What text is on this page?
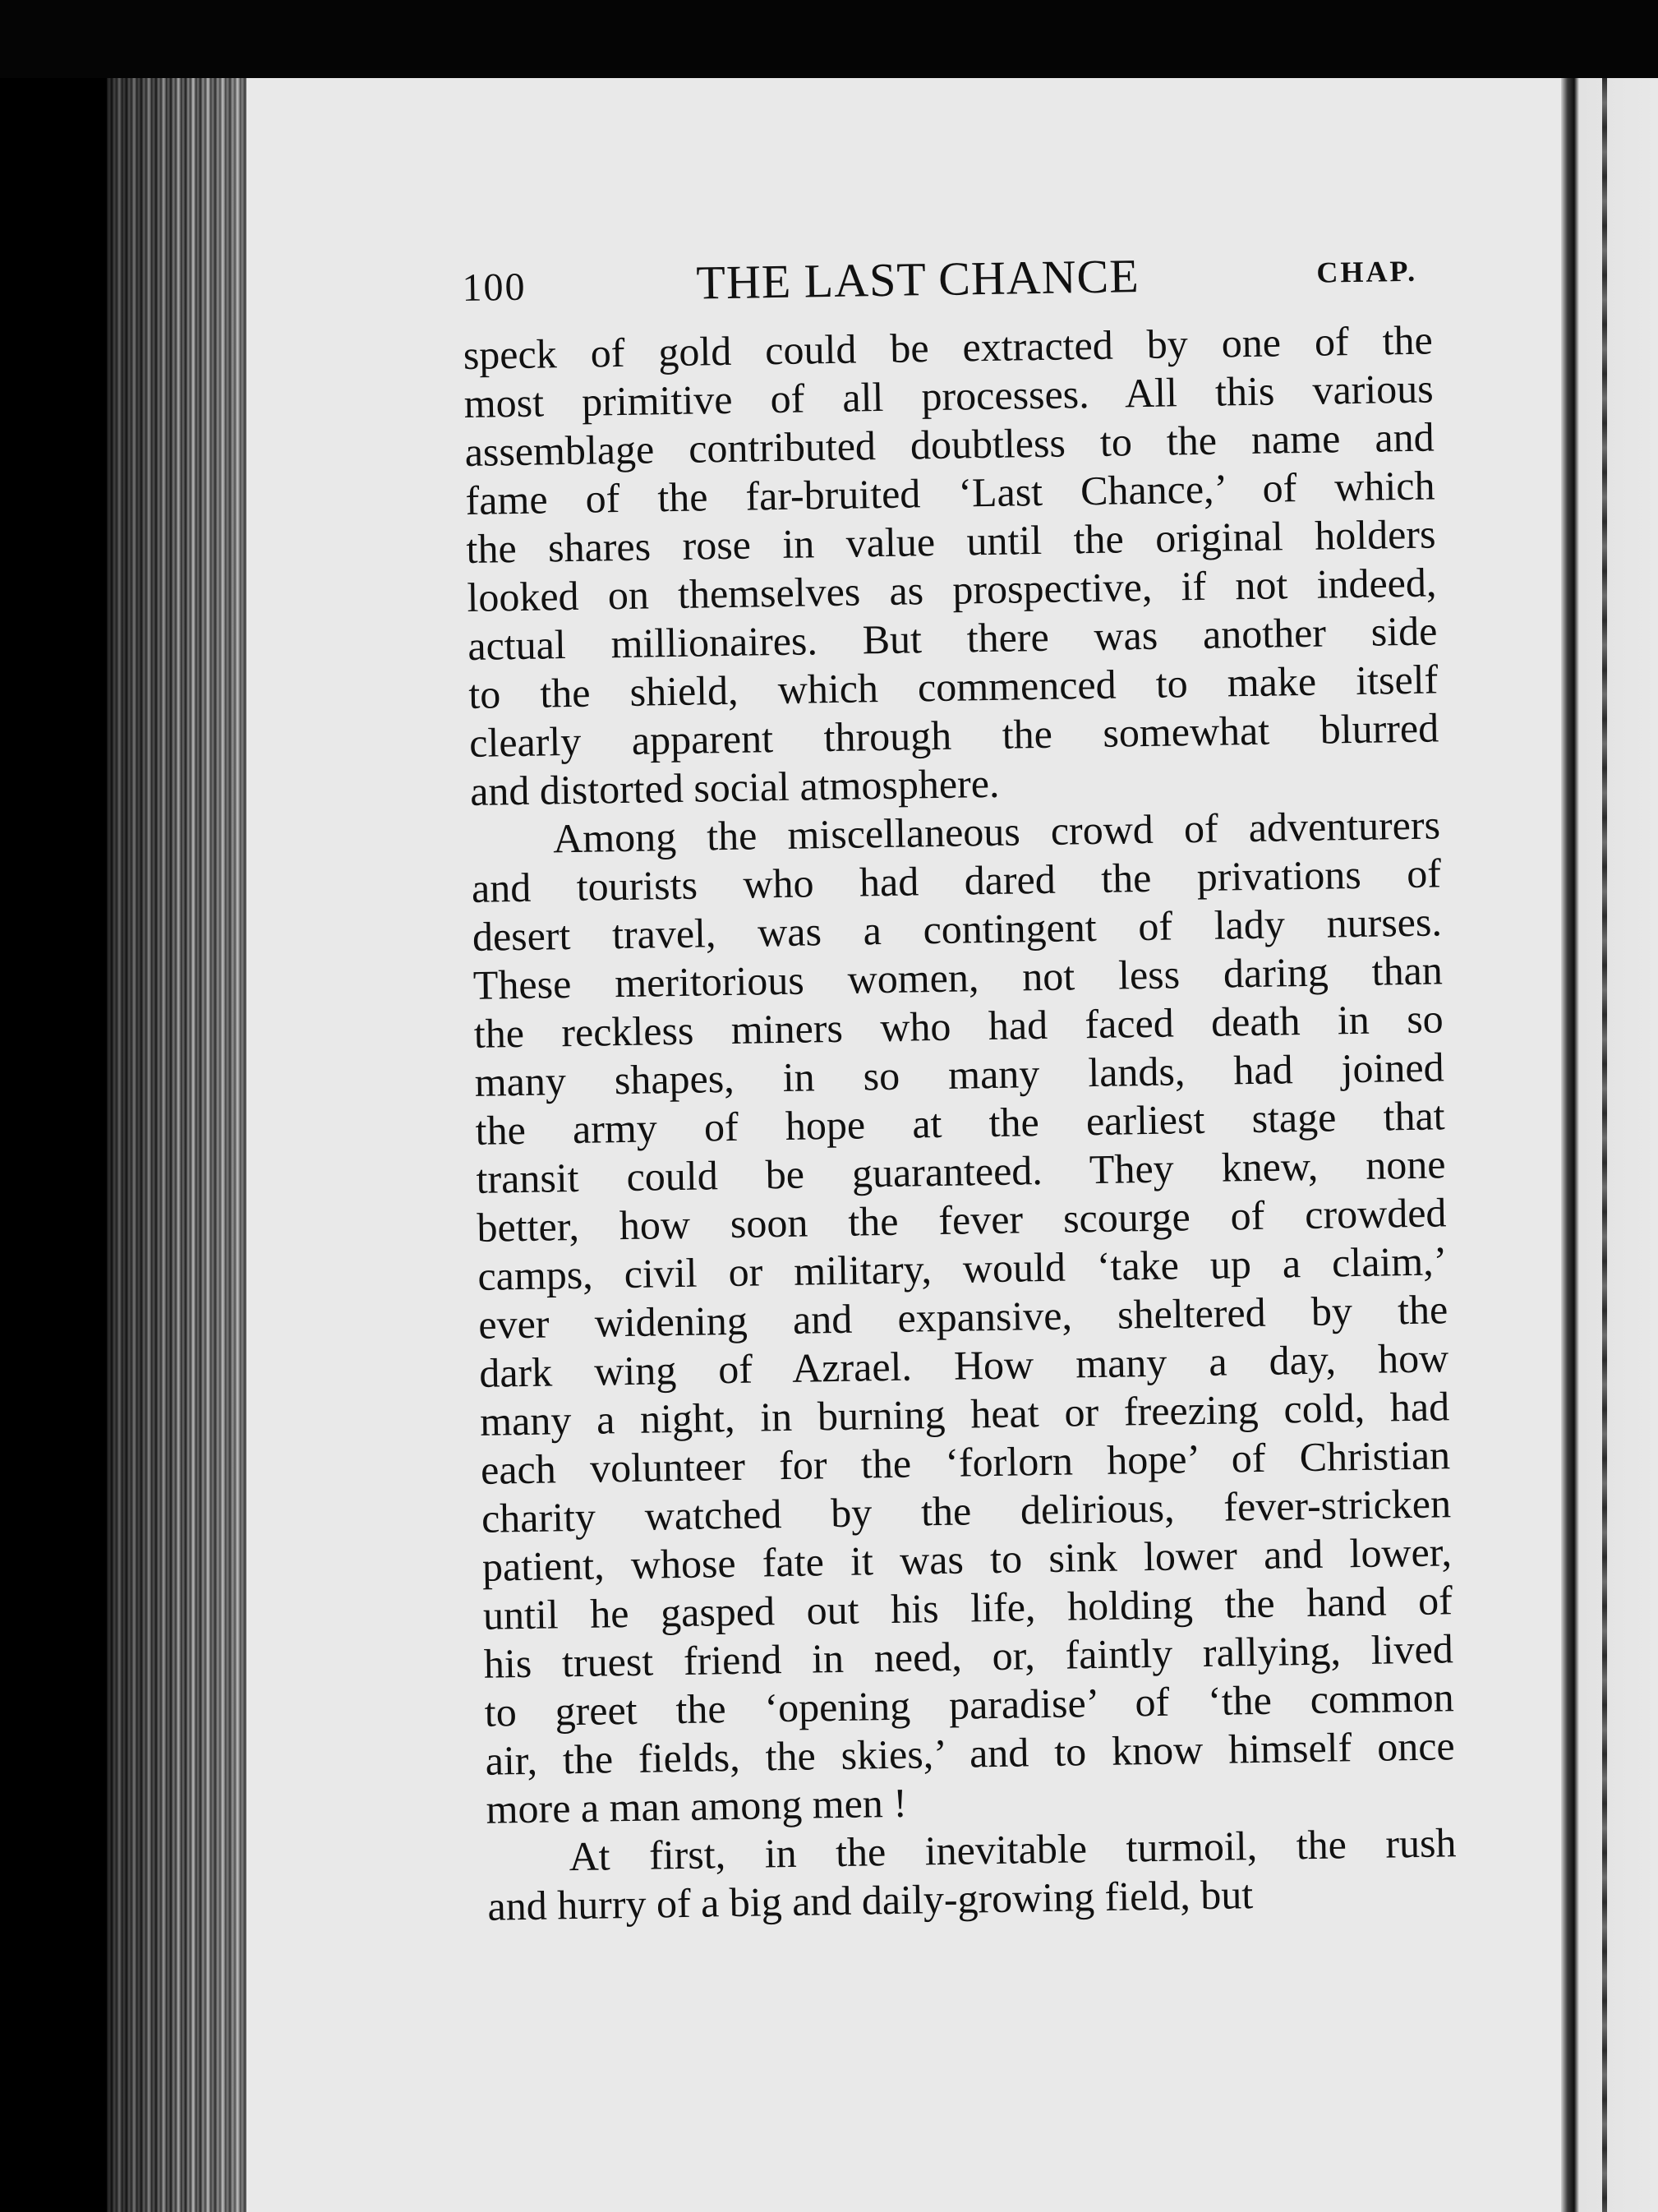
100	THE LAST CHANCE	CHAP.
speck of gold could be extracted by one of the
most primitive of all processes. All this various
assemblage contributed doubtless to the name and
fame of the far-bruited ‘Last Chance,’ of which
the shares rose in value until the original holders
looked on themselves as prospective, if not indeed,
actual millionaires. But there was another side
to the shield, which commenced to make itself
clearly apparent through the somewhat blurred
and distorted social atmosphere.
Among the miscellaneous crowd of adventurers
and tourists who had dared the privations of
desert travel, was a contingent of lady nurses.
These meritorious women, not less daring than
the reckless miners who had faced death in so
many shapes, in so many lands, had joined
the army of hope at the earliest stage that
transit could be guaranteed. They knew, none
better, how soon the fever scourge of crowded
camps, civil or military, would ‘take up a claim,’
ever widening and expansive, sheltered by the
dark wing of Azrael. How many a day, how
many a night, in burning heat or freezing cold, had
each volunteer for the ‘forlorn hope’ of Christian
charity watched by the delirious, fever-stricken
patient, whose fate it was to sink lower and lower,
until he gasped out his life, holding the hand of
his truest friend in need, or, faintly rallying, lived
to greet the ‘opening paradise’ of ‘the common
air, the fields, the skies,’ and to know himself once
more a man among men !
At first, in the inevitable turmoil, the rush
and hurry of a big and daily-growing field, but
